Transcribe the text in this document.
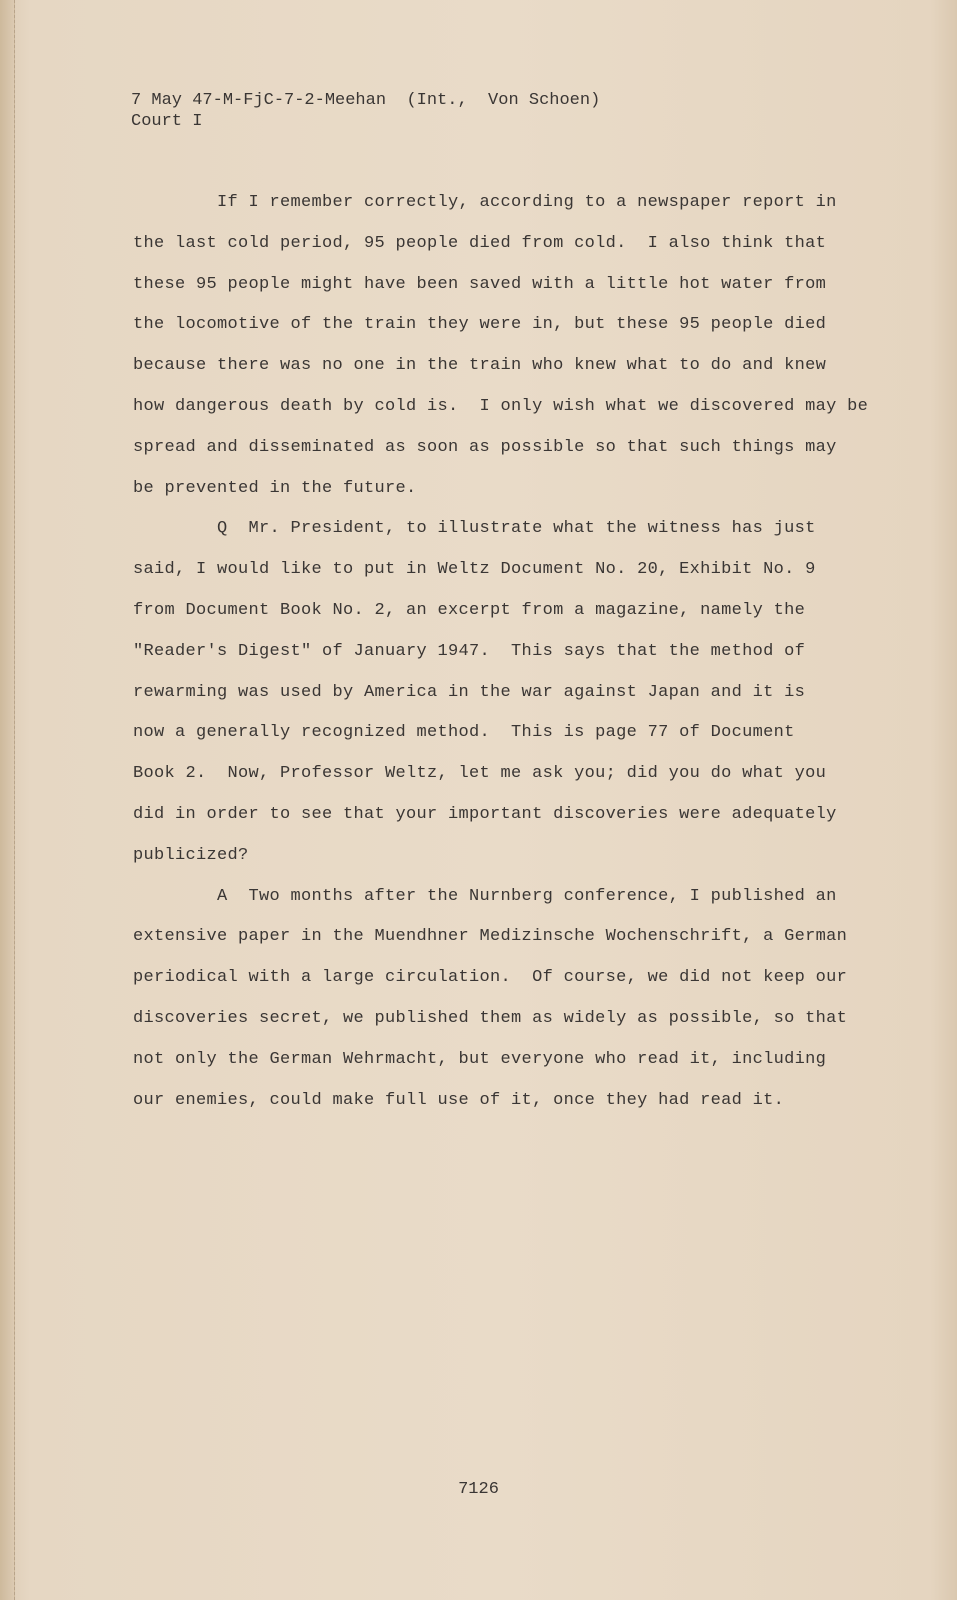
7 May 47-M-FjC-7-2-Meehan  (Int.,  Von Schoen)
Court I
If I remember correctly, according to a newspaper report in
the last cold period, 95 people died from cold.  I also think that
these 95 people might have been saved with a little hot water from
the locomotive of the train they were in, but these 95 people died
because there was no one in the train who knew what to do and knew
how dangerous death by cold is.  I only wish what we discovered may be
spread and disseminated as soon as possible so that such things may
be prevented in the future.
Q  Mr. President, to illustrate what the witness has just
said, I would like to put in Weltz Document No. 20, Exhibit No. 9
from Document Book No. 2, an excerpt from a magazine, namely the
"Reader's Digest" of January 1947.  This says that the method of
rewarming was used by America in the war against Japan and it is
now a generally recognized method.  This is page 77 of Document
Book 2.  Now, Professor Weltz, let me ask you; did you do what you
did in order to see that your important discoveries were adequately
publicized?
A  Two months after the Nurnberg conference, I published an
extensive paper in the Muendhner Medizinsche Wochenschrift, a German
periodical with a large circulation.  Of course, we did not keep our
discoveries secret, we published them as widely as possible, so that
not only the German Wehrmacht, but everyone who read it, including
our enemies, could make full use of it, once they had read it.
7126
